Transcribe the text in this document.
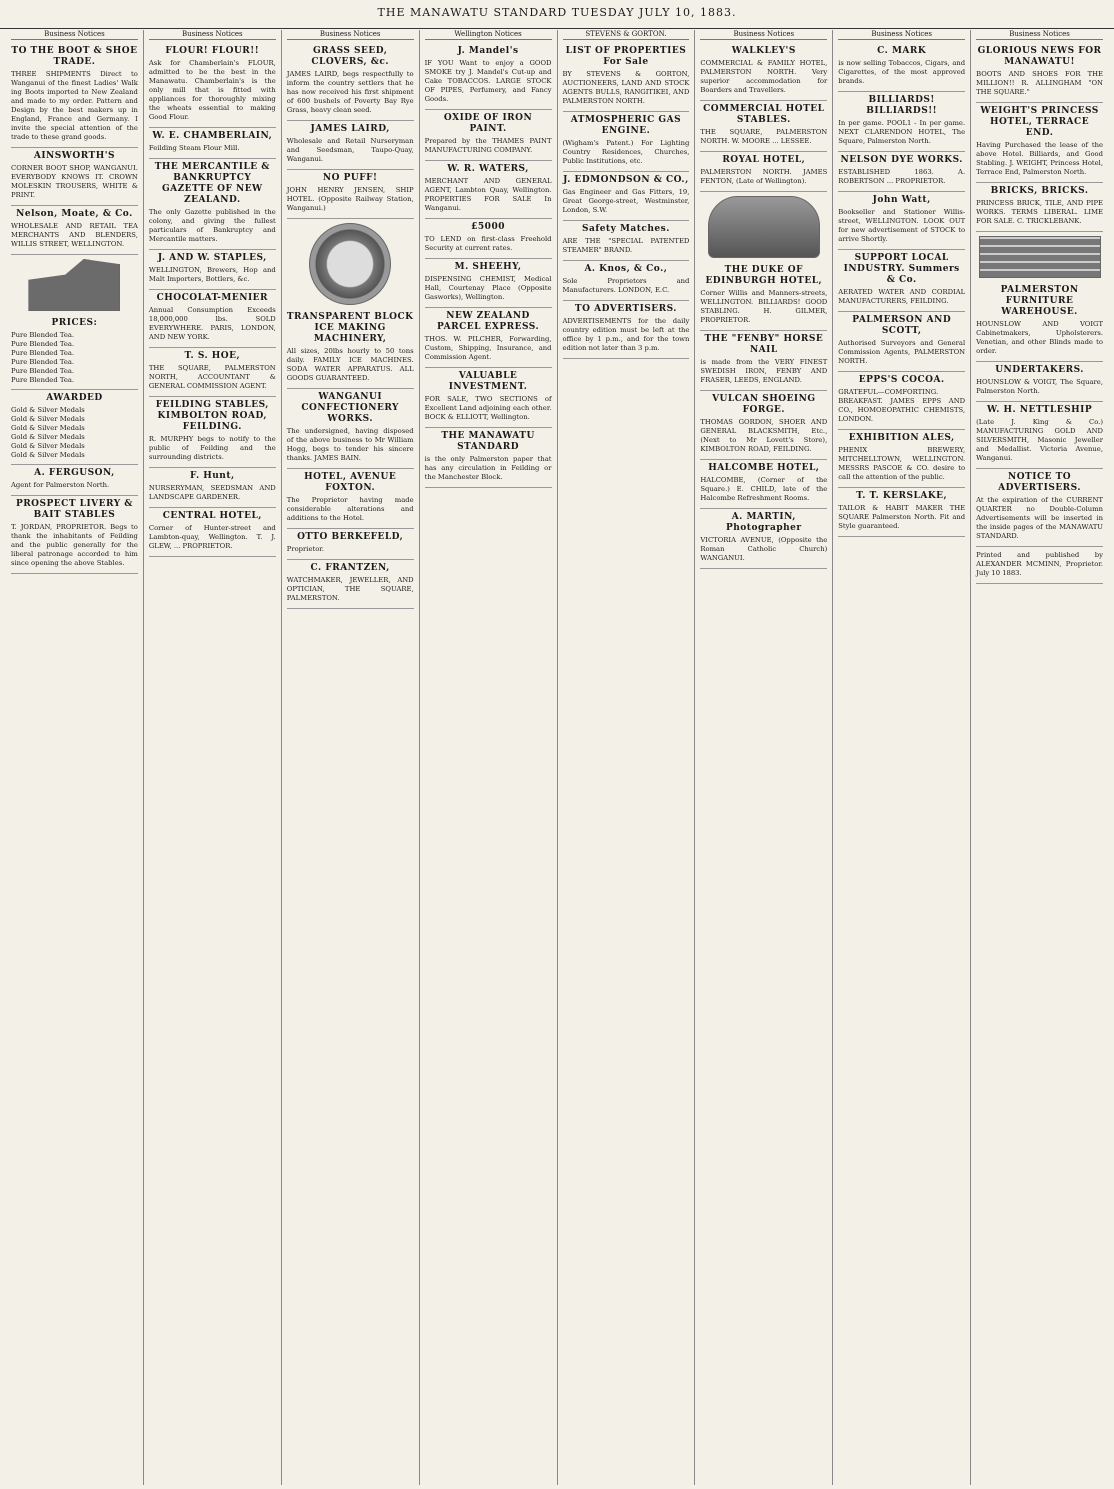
THE MANAWATU STANDARD TUESDAY JULY 10, 1883.
Business Notices
TO THE BOOT & SHOE TRADE.

THREE SHIPMENTS Direct to Wanganui of the finest Ladies' Walk ing Boots imported to New Zealand and made to my order. Pattern and Design by the best makers up in England, France and Germany. I invite the special attention of the trade to these grand goods.

AINSWORTH'S

CORNER BOOT SHOP, WANGANUI. EVERYBODY KNOWS IT. CROWN MOLESKIN TROUSERS, WHITE & PRINT.

Nelson, Moate, & Co.

WHOLESALE AND RETAIL TEA MERCHANTS AND BLENDERS, WILLIS STREET, WELLINGTON.

PRICES:
Pure Blended Tea.
Pure Blended Tea.
Pure Blended Tea.
Pure Blended Tea.
Pure Blended Tea.
Pure Blended Tea.
AWARDED
Gold & Silver Medals
Gold & Silver Medals
Gold & Silver Medals
Gold & Silver Medals
Gold & Silver Medals
Gold & Silver Medals
A. FERGUSON,

Agent for Palmerston North.

PROSPECT LIVERY & BAIT STABLES

T. JORDAN, PROPRIETOR. Begs to thank the inhabitants of Feilding and the public generally for the liberal patronage accorded to him since opening the above Stables.

Business Notices
FLOUR! FLOUR!!

Ask for Chamberlain's FLOUR, admitted to be the best in the Manawatu. Chamberlain's is the only mill that is fitted with appliances for thoroughly mixing the wheats essential to making Good Flour.

W. E. CHAMBERLAIN,

Feilding Steam Flour Mill.

THE MERCANTILE & BANKRUPTCY GAZETTE OF NEW ZEALAND.

The only Gazette published in the colony, and giving the fullest particulars of Bankruptcy and Mercantile matters.

J. AND W. STAPLES,

WELLINGTON, Brewers, Hop and Malt Importers, Bottlers, &c.

CHOCOLAT-MENIER

Annual Consumption Exceeds 18,000,000 lbs. SOLD EVERYWHERE. PARIS, LONDON, AND NEW YORK.

T. S. HOE,

THE SQUARE, PALMERSTON NORTH, ACCOUNTANT & GENERAL COMMISSION AGENT.

FEILDING STABLES, KIMBOLTON ROAD, FEILDING.

R. MURPHY begs to notify to the public of Feilding and the surrounding districts.

F. Hunt,

NURSERYMAN, SEEDSMAN AND LANDSCAPE GARDENER.

CENTRAL HOTEL,

Corner of Hunter-street and Lambton-quay, Wellington. T. J. GLEW, ... PROPRIETOR.

Business Notices
GRASS SEED, CLOVERS, &c.

JAMES LAIRD, begs respectfully to inform the country settlers that he has now received his first shipment of 600 bushels of Poverty Bay Rye Grass, heavy clean seed.

JAMES LAIRD,

Wholesale and Retail Nurseryman and Seedsman, Taupo-Quay, Wanganui.

NO PUFF!

JOHN HENRY JENSEN, SHIP HOTEL. (Opposite Railway Station, Wanganui.)

TRANSPARENT BLOCK ICE MAKING MACHINERY,

All sizes, 20lbs hourly to 50 tons daily. FAMILY ICE MACHINES. SODA WATER APPARATUS. ALL GOODS GUARANTEED.

WANGANUI CONFECTIONERY WORKS.

The undersigned, having disposed of the above business to Mr William Hogg, begs to tender his sincere thanks. JAMES BAIN.

HOTEL, AVENUE FOXTON.

The Proprietor having made considerable alterations and additions to the Hotel.

OTTO BERKEFELD,

Proprietor.

C. FRANTZEN,

WATCHMAKER, JEWELLER, AND OPTICIAN, THE SQUARE, PALMERSTON.

Wellington Notices
J. Mandel's

IF YOU Want to enjoy a GOOD SMOKE try J. Mandel's Cut-up and Cake TOBACCOS. LARGE STOCK OF PIPES, Perfumery, and Fancy Goods.

OXIDE OF IRON PAINT.

Prepared by the THAMES PAINT MANUFACTURING COMPANY.

W. R. WATERS,

MERCHANT AND GENERAL AGENT, Lambton Quay, Wellington. PROPERTIES FOR SALE In Wanganui.

£5000

TO LEND on first-class Freehold Security at current rates.

M. SHEEHY,

DISPENSING CHEMIST, Medical Hall, Courtenay Place (Opposite Gasworks), Wellington.

NEW ZEALAND PARCEL EXPRESS.

THOS. W. PILCHER, Forwarding, Custom, Shipping, Insurance, and Commission Agent.

VALUABLE INVESTMENT.

FOR SALE, TWO SECTIONS of Excellent Land adjoining each other. BOCK & ELLIOTT, Wellington.

THE MANAWATU STANDARD

is the only Palmerston paper that has any circulation in Feilding or the Manchester Block.

STEVENS & GORTON.
LIST OF PROPERTIES For Sale

BY STEVENS & GORTON, AUCTIONEERS, LAND AND STOCK AGENTS BULLS, RANGITIKEI, AND PALMERSTON NORTH.

ATMOSPHERIC GAS ENGINE.

(Wigham's Patent.) For Lighting Country Residences, Churches, Public Institutions, etc.

J. EDMONDSON & CO.,

Gas Engineer and Gas Fitters, 19, Great George-street, Westminster, London, S.W.

Safety Matches.

ARE THE "SPECIAL PATENTED STEAMER" BRAND.

A. Knos, & Co.,

Sole Proprietors and Manufacturers. LONDON, E.C.

TO ADVERTISERS.

ADVERTISEMENTS for the daily country edition must be left at the office by 1 p.m., and for the town edition not later than 3 p.m.

Business Notices
WALKLEY'S

COMMERCIAL & FAMILY HOTEL, PALMERSTON NORTH. Very superior accommodation for Boarders and Travellers.

COMMERCIAL HOTEL STABLES.

THE SQUARE, PALMERSTON NORTH. W. MOORE ... LESSEE.

ROYAL HOTEL,

PALMERSTON NORTH. JAMES FENTON, (Late of Wellington).

THE DUKE OF EDINBURGH HOTEL,

Corner Willis and Manners-streets, WELLINGTON. BILLIARDS! GOOD STABLING. H. GILMER, PROPRIETOR.

THE "FENBY" HORSE NAIL

is made from the VERY FINEST SWEDISH IRON, FENBY AND FRASER, LEEDS, ENGLAND.

VULCAN SHOEING FORGE.

THOMAS GORDON, SHOER AND GENERAL BLACKSMITH, Etc., (Next to Mr Lovett's Store), KIMBOLTON ROAD, FEILDING.

HALCOMBE HOTEL,

HALCOMBE, (Corner of the Square.) E. CHILD, late of the Halcombe Refreshment Rooms.

A. MARTIN, Photographer

VICTORIA AVENUE, (Opposite the Roman Catholic Church) WANGANUI.

Business Notices
C. MARK

is now selling Tobaccos, Cigars, and Cigarettes, of the most approved brands.

BILLIARDS! BILLIARDS!!

In per game. POOL1 - In per game. NEXT CLARENDON HOTEL, The Square, Palmerston North.

NELSON DYE WORKS.

ESTABLISHED 1863. A. ROBERTSON ... PROPRIETOR.

John Watt,

Bookseller and Stationer Willis-street, WELLINGTON. LOOK OUT for new advertisement of STOCK to arrive Shortly.

SUPPORT LOCAL INDUSTRY. Summers & Co.

AERATED WATER AND CORDIAL MANUFACTURERS, FEILDING.

PALMERSON AND SCOTT,

Authorised Surveyors and General Commission Agents, PALMERSTON NORTH.

EPPS'S COCOA.

GRATEFUL—COMFORTING. BREAKFAST. JAMES EPPS AND CO., HOMOEOPATHIC CHEMISTS, LONDON.

EXHIBITION ALES,

PHENIX BREWERY, MITCHELLTOWN, WELLINGTON. MESSRS PASCOE & CO. desire to call the attention of the public.

T. T. KERSLAKE,

TAILOR & HABIT MAKER THE SQUARE Palmerston North. Fit and Style guaranteed.

Business Notices
GLORIOUS NEWS FOR MANAWATU!

BOOTS AND SHOES FOR THE MILLION!! R. ALLINGHAM "ON THE SQUARE."

WEIGHT'S PRINCESS HOTEL, TERRACE END.

Having Purchased the lease of the above Hotel. Billiards, and Good Stabling. J. WEIGHT, Princess Hotel, Terrace End, Palmerston North.

BRICKS, BRICKS.

PRINCESS BRICK, TILE, AND PIPE WORKS. TERMS LIBERAL. LIME FOR SALE. C. TRICKLEBANK.

PALMERSTON FURNITURE WAREHOUSE.

HOUNSLOW AND VOIGT Cabinetmakers, Upholsterers. Venetian, and other Blinds made to order.

UNDERTAKERS.

HOUNSLOW & VOIGT, The Square, Palmerston North.

W. H. NETTLESHIP

(Late J. King & Co.) MANUFACTURING GOLD AND SILVERSMITH, Masonic Jeweller and Medallist. Victoria Avenue, Wanganui.

NOTICE TO ADVERTISERS.

At the expiration of the CURRENT QUARTER no Double-Column Advertisements will be inserted in the inside pages of the MANAWATU STANDARD.

Printed and published by ALEXANDER MCMINN, Proprietor. July 10 1883.
